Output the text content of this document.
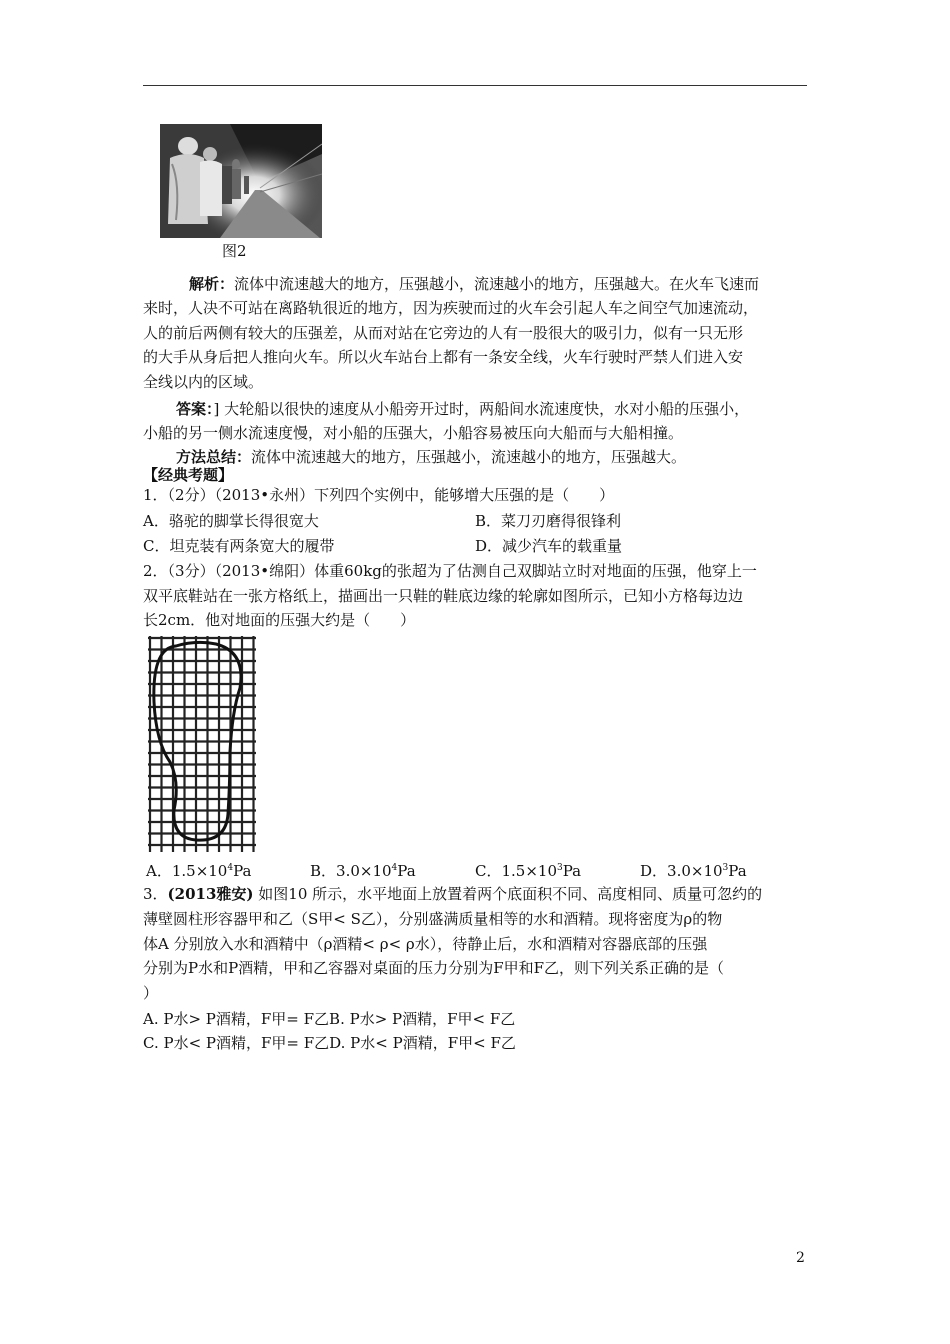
图2
解析：流体中流速越大的地方，压强越小，流速越小的地方，压强越大。在火车飞速而
来时，人决不可站在离路轨很近的地方，因为疾驶而过的火车会引起人车之间空气加速流动，
人的前后两侧有较大的压强差，从而对站在它旁边的人有一股很大的吸引力，似有一只无形
的大手从身后把人推向火车。所以火车站台上都有一条安全线，火车行驶时严禁人们进入安
全线以内的区域。
答案：] 大轮船以很快的速度从小船旁开过时，两船间水流速度快，水对小船的压强小，
小船的另一侧水流速度慢，对小船的压强大，小船容易被压向大船而与大船相撞。
方法总结：流体中流速越大的地方，压强越小，流速越小的地方，压强越大。
【经典考题】
1．（2分）（2013•永州）下列四个实例中，能够增大压强的是（　　）
A．骆驼的脚掌长得很宽大	B．菜刀刃磨得很锋利
C．坦克装有两条宽大的履带	D．减少汽车的载重量
2．（3分）（2013•绵阳）体重60kg的张超为了估测自己双脚站立时对地面的压强，他穿上一
双平底鞋站在一张方格纸上，描画出一只鞋的鞋底边缘的轮廓如图所示，已知小方格每边边
长2cm．他对地面的压强大约是（　　）
A．$1.5\times 10^4Pa$	B．$3.0\times 10^4Pa$	C．$1.5\times 10^3Pa$	D．$3.0\times 10^3Pa$
3．(2013雅安) 如图10 所示，水平地面上放置着两个底面积不同、高度相同、质量可忽约的
薄壁圆柱形容器甲和乙（S甲< S乙），分别盛满质量相等的水和酒精。现将密度为ρ的物
体A 分别放入水和酒精中（ρ酒精< ρ< ρ水），待静止后，水和酒精对容器底部的压强
分别为P水和P酒精，甲和乙容器对桌面的压力分别为F甲和F乙，则下列关系正确的是（
）
A. P水> P酒精，F甲= F乙B. P水> P酒精，F甲< F乙
C. P水< P酒精，F甲= F乙D. P水< P酒精，F甲< F乙
2
